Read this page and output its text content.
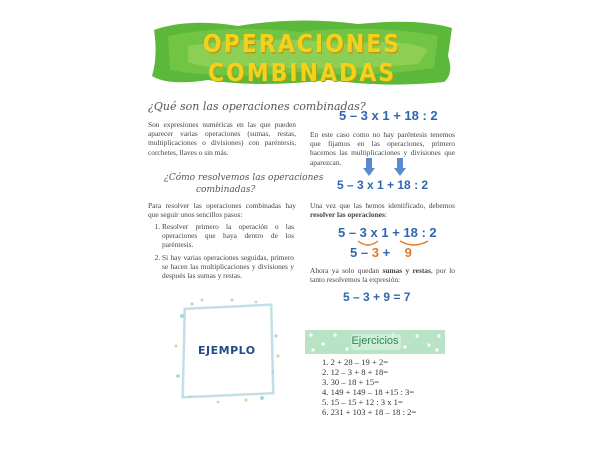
OPERACIONES COMBINADAS
¿Qué son las operaciones combinadas?
Son expresiones numéricas en las que pueden aparecer varias operaciones (sumas, restas, multiplicaciones o divisiones) con paréntesis, corchetes, llaves o sin más.
¿Cómo resolvemos las operaciones
combinadas?
Para resolver las operaciones combinadas hay que seguir unos sencillos pasos:
1. Resolver primero la operación o las operaciones que haya dentro de los paréntesis.
2. Si hay varias operaciones seguidas, primero se hacen las multiplicaciones y divisiones y después las sumas y restas.
EJEMPLO
5 – 3 x 1 + 18 : 2
En este caso como no hay paréntesis tenemos que fijamos en las operaciones, primero hacemos las multiplicaciones y divisiones que aparezcan.
5 – 3 x 1 + 18 : 2
Una vez que las hemos identificado, debemos resolver las operaciones:
5 – 3 x 1 + 18 : 2
5 – 3 + 9
Ahora ya solo quedan sumas y restas, por lo tanto resolvemos la expresión:
5 – 3 + 9 = 7
Ejercicios
1. 2 + 28 – 19 + 2=
2. 12 – 3 + 8 + 18=
3. 30 – 18 + 15=
4. 149 + 149 – 18 +15 : 3=
5. 15 – 15 + 12 : 3 x 1=
6. 231 + 103 + 18 – 18 : 2=
